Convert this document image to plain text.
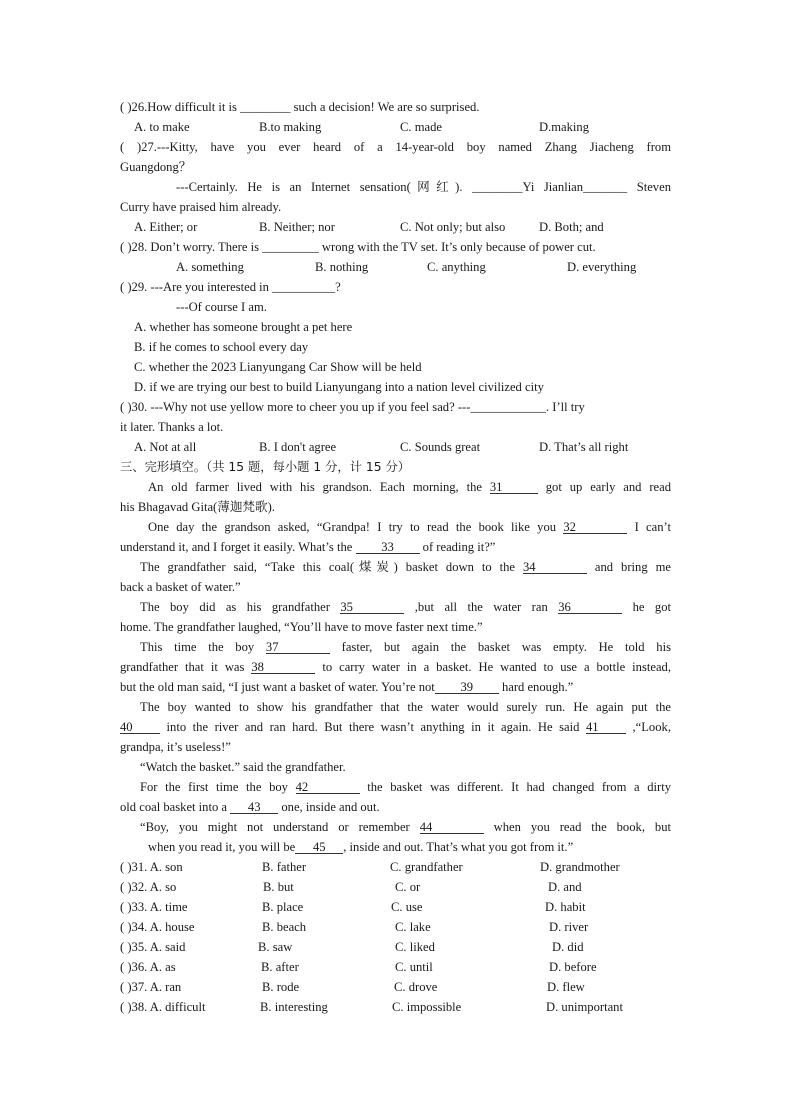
( )26.How difficult it is ________ such a decision! We are so surprised.
A. to make	B.to making	C. made	D.making
( )27.---Kitty, have you ever heard of a 14-year-old boy named Zhang Jiacheng from
Guangdong？
---Certainly. He is an Internet sensation(网红). ________Yi Jianlian_______ Steven
Curry have praised him already.
A. Either; or	B. Neither; nor	C. Not only; but also	D. Both; and
( )28. Don’t worry. There is _________ wrong with the TV set. It’s only because of power cut.
A. something	B. nothing	C. anything	D. everything
( )29. ---Are you interested in __________?
---Of course I am.
A. whether has someone brought a pet here
B. if he comes to school every day
C. whether the 2023 Lianyungang Car Show will be held
D. if we are trying our best to build Lianyungang into a nation level civilized city
( )30. ---Why not use yellow more to cheer you up if you feel sad? ---____________. I’ll try
it later. Thanks a lot.
A. Not at all	B. I don't agree	C. Sounds great	D. That’s all right
三、完形填空。（共 15 题，每小题 1 分，计 15 分）
An old farmer lived with his grandson. Each morning, the 31	got up early and read
his Bhagavad Gita(薄迦梵歌).
One day the grandson asked, “Grandpa! I try to read the book like you 32	I can’t
understand it, and I forget it easily. What’s the 33 of reading it?”
The grandfather said, “Take this coal(煤炭) basket down to the 34	and bring me
back a basket of water.”
The boy did as his grandfather 35	,but all the water ran 36	he got
home. The grandfather laughed, “You’ll have to move faster next time.”
This time the boy 37	faster, but again the basket was empty. He told his
grandfather that it was 38	to carry water in a basket. He wanted to use a bottle instead,
but the old man said, “I just want a basket of water. You’re not 39 hard enough.”
The boy wanted to show his grandfather that the water would surely run. He again put the
40	into the river and ran hard. But there wasn’t anything in it again. He said 41	,“Look,
grandpa, it’s useless!”
“Watch the basket.” said the grandfather.
For the first time the boy 42	the basket was different. It had changed from a dirty
old coal basket into a 43 one, inside and out.
“Boy, you might not understand or remember 44	when you read the book, but
when you read it, you will be 45 , inside and out. That’s what you got from it.”
( )31. A. son	B. father	C. grandfather	D. grandmother
( )32. A. so	B. but	C. or	D. and
( )33. A. time	B. place	C. use	D. habit
( )34. A. house	B. beach	C. lake	D. river
( )35. A. said	B. saw	C. liked	D. did
( )36. A. as	B. after	C. until	D. before
( )37. A. ran	B. rode	C. drove	D. flew
( )38. A. difficult	B. interesting	C. impossible	D. unimportant
